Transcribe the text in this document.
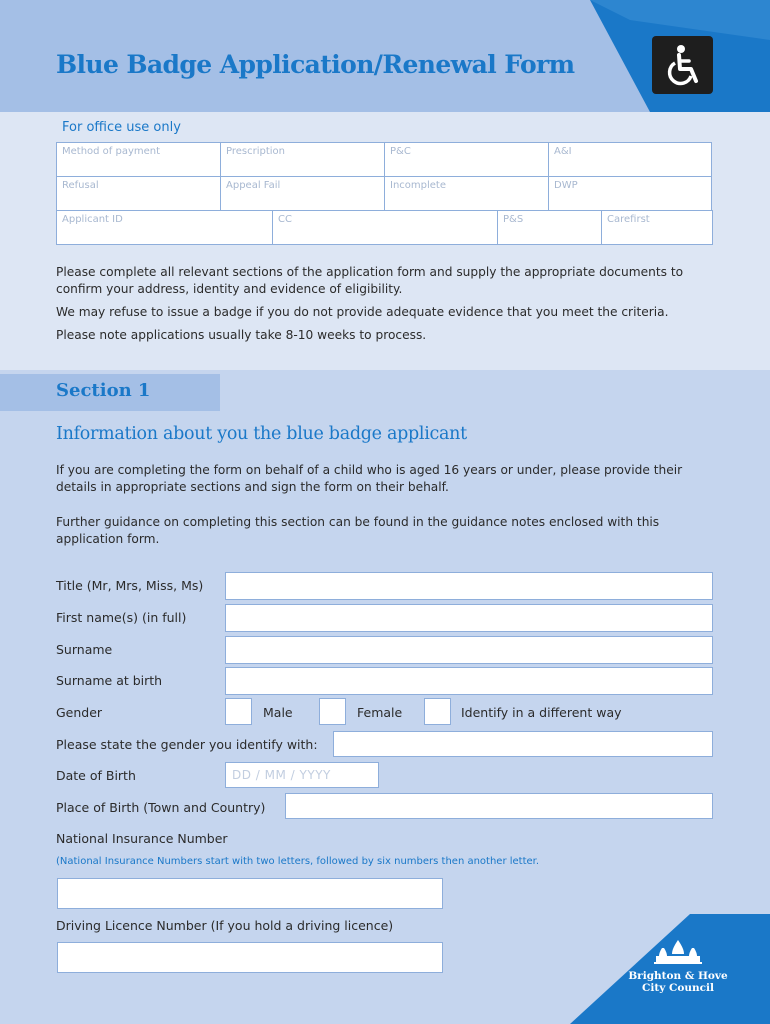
Blue Badge Application/Renewal Form
For office use only
Method of payment	Prescription	P&C	A&I
Refusal	Appeal Fail	Incomplete	DWP
Applicant ID	CC	P&S	Carefirst

Please complete all relevant sections of the application form and supply the appropriate documents to confirm your address, identity and evidence of eligibility.

We may refuse to issue a badge if you do not provide adequate evidence that you meet the criteria.

Please note applications usually take 8-10 weeks to process.

Section 1
Information about you the blue badge applicant
If you are completing the form on behalf of a child who is aged 16 years or under, please provide their details in appropriate sections and sign the form on their behalf.
Further guidance on completing this section can be found in the guidance notes enclosed with this application form.
Title (Mr, Mrs, Miss, Ms)
First name(s) (in full)
Surname
Surname at birth
Gender	Male	Female	Identify in a different way
Please state the gender you identify with:
Date of Birth	DD / MM / YYYY
Place of Birth (Town and Country)
National Insurance Number
(National Insurance Numbers start with two letters, followed by six numbers then another letter.
Driving Licence Number (If you hold a driving licence)
Brighton & Hove
City Council
